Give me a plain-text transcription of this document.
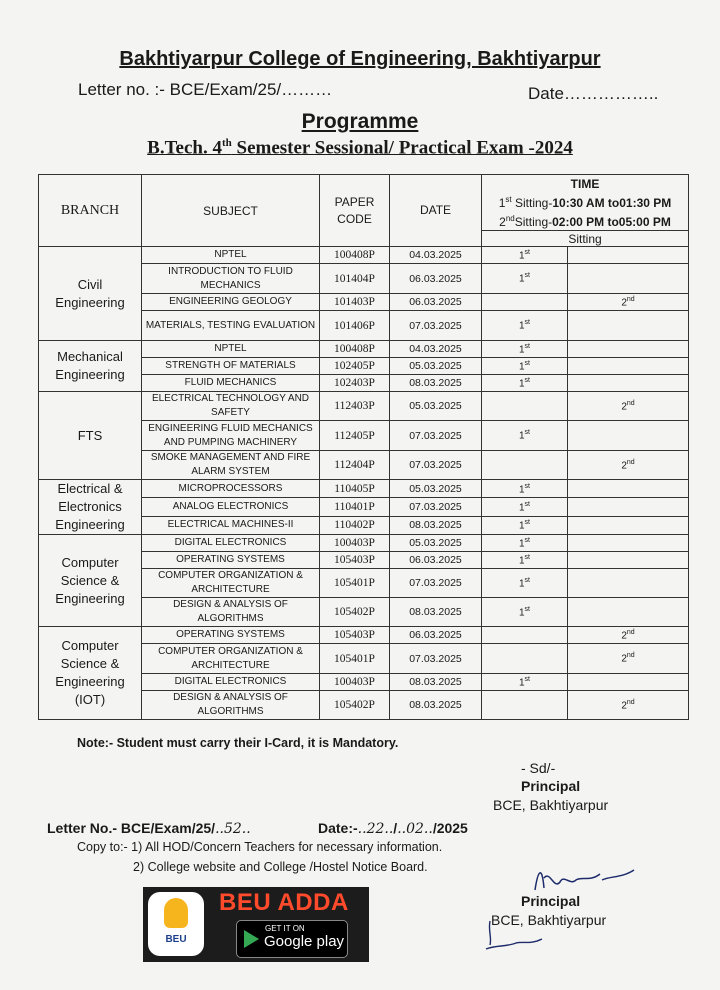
Bakhtiyarpur College of Engineering, Bakhtiyarpur
Letter no. :- BCE/Exam/25/………	Date……………..
Programme
B.Tech. 4th Semester Sessional/ Practical Exam -2024
BRANCH	SUBJECT	PAPER CODE	DATE	TIME
1st Sitting-10:30 AM to01:30 PM
2ndSitting-02:00 PM to05:00 PM	

				Sitting	

Civil
Engineering	NPTEL	100408P	04.03.2025	1st	
	INTRODUCTION TO FLUID MECHANICS	101404P	06.03.2025	1st	
	ENGINEERING GEOLOGY	101403P	06.03.2025		2nd
	MATERIALS, TESTING EVALUATION	101406P	07.03.2025	1st	

Mechanical
Engineering	NPTEL	100408P	04.03.2025	1st	
	STRENGTH OF MATERIALS	102405P	05.03.2025	1st	
	FLUID MECHANICS	102403P	08.03.2025	1st	

FTS	ELECTRICAL TECHNOLOGY AND SAFETY	112403P	05.03.2025		2nd
	ENGINEERING FLUID MECHANICS AND PUMPING MACHINERY	112405P	07.03.2025	1st	
	SMOKE MANAGEMENT AND FIRE ALARM SYSTEM	112404P	07.03.2025		2nd

Electrical &
Electronics
Engineering	MICROPROCESSORS	110405P	05.03.2025	1st	
	ANALOG ELECTRONICS	110401P	07.03.2025	1st	
	ELECTRICAL MACHINES-II	110402P	08.03.2025	1st	

Computer
Science &
Engineering	DIGITAL ELECTRONICS	100403P	05.03.2025	1st	
	OPERATING SYSTEMS	105403P	06.03.2025	1st	
	COMPUTER ORGANIZATION & ARCHITECTURE	105401P	07.03.2025	1st	
	DESIGN & ANALYSIS OF ALGORITHMS	105402P	08.03.2025	1st	

Computer
Science &
Engineering
(IOT)	OPERATING SYSTEMS	105403P	06.03.2025		2nd
	COMPUTER ORGANIZATION & ARCHITECTURE	105401P	07.03.2025		2nd
	DIGITAL ELECTRONICS	100403P	08.03.2025	1st	
	DESIGN & ANALYSIS OF ALGORITHMS	105402P	08.03.2025		2nd
Note:- Student must carry their I-Card, it is Mandatory.
- Sd/-
Principal
BCE, Bakhtiyarpur
Letter No.- BCE/Exam/25/..52..	Date:-..22../..02../2025
Copy to:- 1) All HOD/Concern Teachers for necessary information.
2) College website and College /Hostel Notice Board.
Principal
BCE, Bakhtiyarpur
BEU
BEU ADDA
GET IT ON
Google play
